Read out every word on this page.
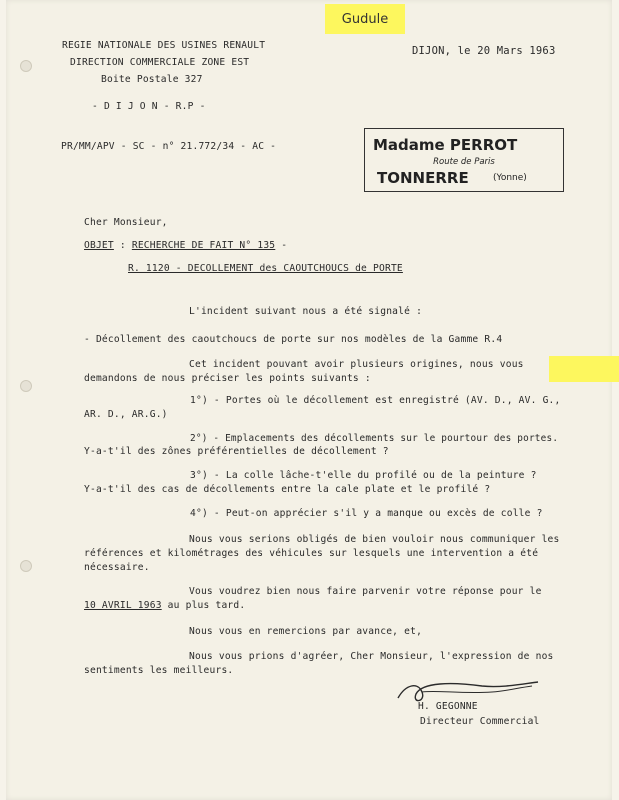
Gudule
REGIE NATIONALE DES USINES RENAULT
DIRECTION COMMERCIALE ZONE EST
Boite Postale 327
- D I J O N - R.P -
DIJON, le 20 Mars 1963
PR/MM/APV - SC - n° 21.772/34 - AC -	Madame PERROT
Route de Paris
TONNERRE	(Yonne)
Cher Monsieur,
OBJET : RECHERCHE DE FAIT N° 135 -
R. 1120 - DECOLLEMENT des CAOUTCHOUCS de PORTE
L'incident suivant nous a été signalé :
- Décollement des caoutchoucs de porte sur nos modèles de la Gamme R.4
Cet incident pouvant avoir plusieurs origines, nous vous
demandons de nous préciser les points suivants :
1°) - Portes où le décollement est enregistré (AV. D., AV. G.,
AR. D., AR.G.)
2°) - Emplacements des décollements sur le pourtour des portes.
Y-a-t'il des zônes préférentielles de décollement ?
3°) - La colle lâche-t'elle du profilé ou de la peinture ?
Y-a-t'il des cas de décollements entre la cale plate et le profilé ?
4°) - Peut-on apprécier s'il y a manque ou excès de colle ?
Nous vous serions obligés de bien vouloir nous communiquer les
références et kilométrages des véhicules sur lesquels une intervention a été
nécessaire.
Vous voudrez bien nous faire parvenir votre réponse pour le
10 AVRIL 1963 au plus tard.
Nous vous en remercions par avance, et,
Nous vous prions d'agréer, Cher Monsieur, l'expression de nos
sentiments les meilleurs.
H. GEGONNE
Directeur Commercial
